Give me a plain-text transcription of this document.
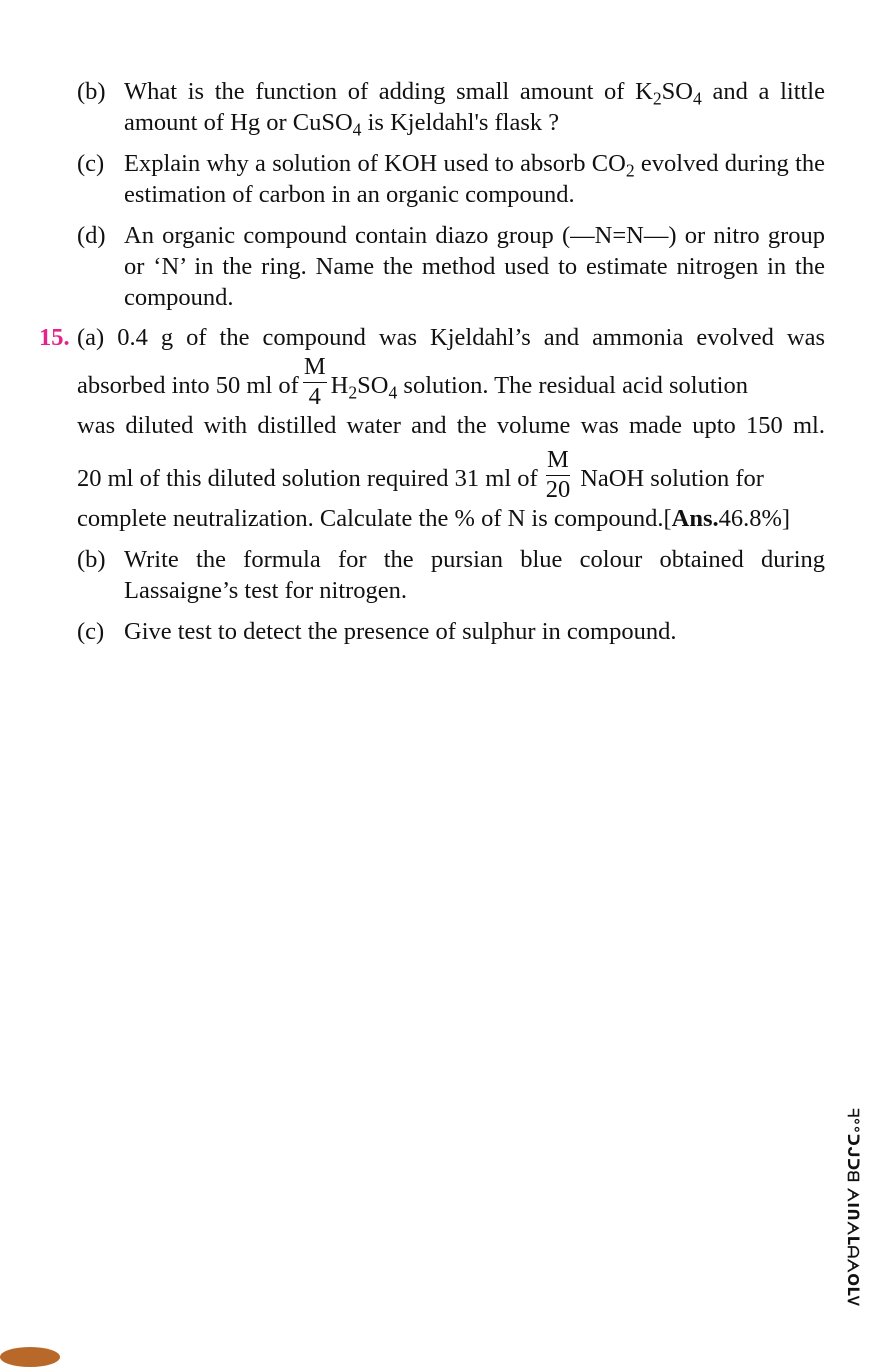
(b) What is the function of adding small amount of $K_2SO_4$ and a little amount of Hg or CuSO$_4$ is Kjeldahl's flask ?
(c) Explain why a solution of KOH used to absorb $CO_2$ evolved during the estimation of carbon in an organic compound.
(d) An organic compound contain diazo group (—N=N—) or nitro group or ‘N’ in the ring. Name the method used to estimate nitrogen in the compound.
15. (a) 0.4 g of the compound was Kjeldahl’s and ammonia evolved was
absorbed into 50 ml of $\frac{M}{4} H_2SO_4$ solution. The residual acid solution
was diluted with distilled water and the volume was made upto 150 ml.
20 ml of this diluted solution required 31 ml of $\frac{M}{20}$ NaOH solution for
complete neutralization. Calculate the % of N is compound.[Ans.46.8%]
(b) Write the formula for the pursian blue colour obtained during Lassaigne’s test for nitrogen.
(c) Give test to detect the presence of sulphur in compound.
ᖷ°°ᑐᒍᑐᗺ ᗅIᑎᗅᒪᗩᗅOᒪᏙ
